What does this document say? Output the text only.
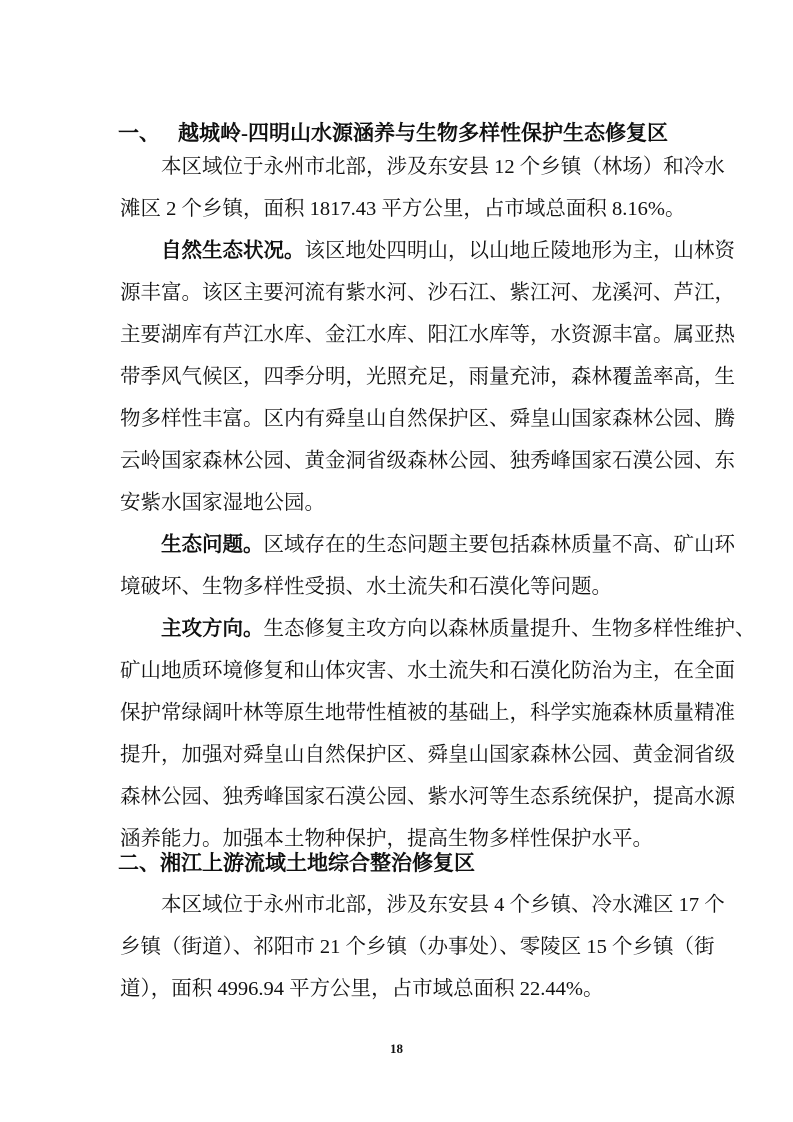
一、 越城岭-四明山水源涵养与生物多样性保护生态修复区
本区域位于永州市北部，涉及东安县 12 个乡镇（林场）和冷水
滩区 2 个乡镇，面积 1817.43 平方公里，占市域总面积 8.16%。
自然生态状况。该区地处四明山，以山地丘陵地形为主，山林资
源丰富。该区主要河流有紫水河、沙石江、紫江河、龙溪河、芦江，
主要湖库有芦江水库、金江水库、阳江水库等，水资源丰富。属亚热
带季风气候区，四季分明，光照充足，雨量充沛，森林覆盖率高，生
物多样性丰富。区内有舜皇山自然保护区、舜皇山国家森林公园、腾
云岭国家森林公园、黄金洞省级森林公园、独秀峰国家石漠公园、东
安紫水国家湿地公园。
生态问题。区域存在的生态问题主要包括森林质量不高、矿山环
境破坏、生物多样性受损、水土流失和石漠化等问题。
主攻方向。生态修复主攻方向以森林质量提升、生物多样性维护、
矿山地质环境修复和山体灾害、水土流失和石漠化防治为主，在全面
保护常绿阔叶林等原生地带性植被的基础上，科学实施森林质量精准
提升，加强对舜皇山自然保护区、舜皇山国家森林公园、黄金洞省级
森林公园、独秀峰国家石漠公园、紫水河等生态系统保护，提高水源
涵养能力。加强本土物种保护，提高生物多样性保护水平。
二、湘江上游流域土地综合整治修复区
本区域位于永州市北部，涉及东安县 4 个乡镇、冷水滩区 17 个
乡镇（街道）、祁阳市 21 个乡镇（办事处）、零陵区 15 个乡镇（街
道），面积 4996.94 平方公里，占市域总面积 22.44%。
18
